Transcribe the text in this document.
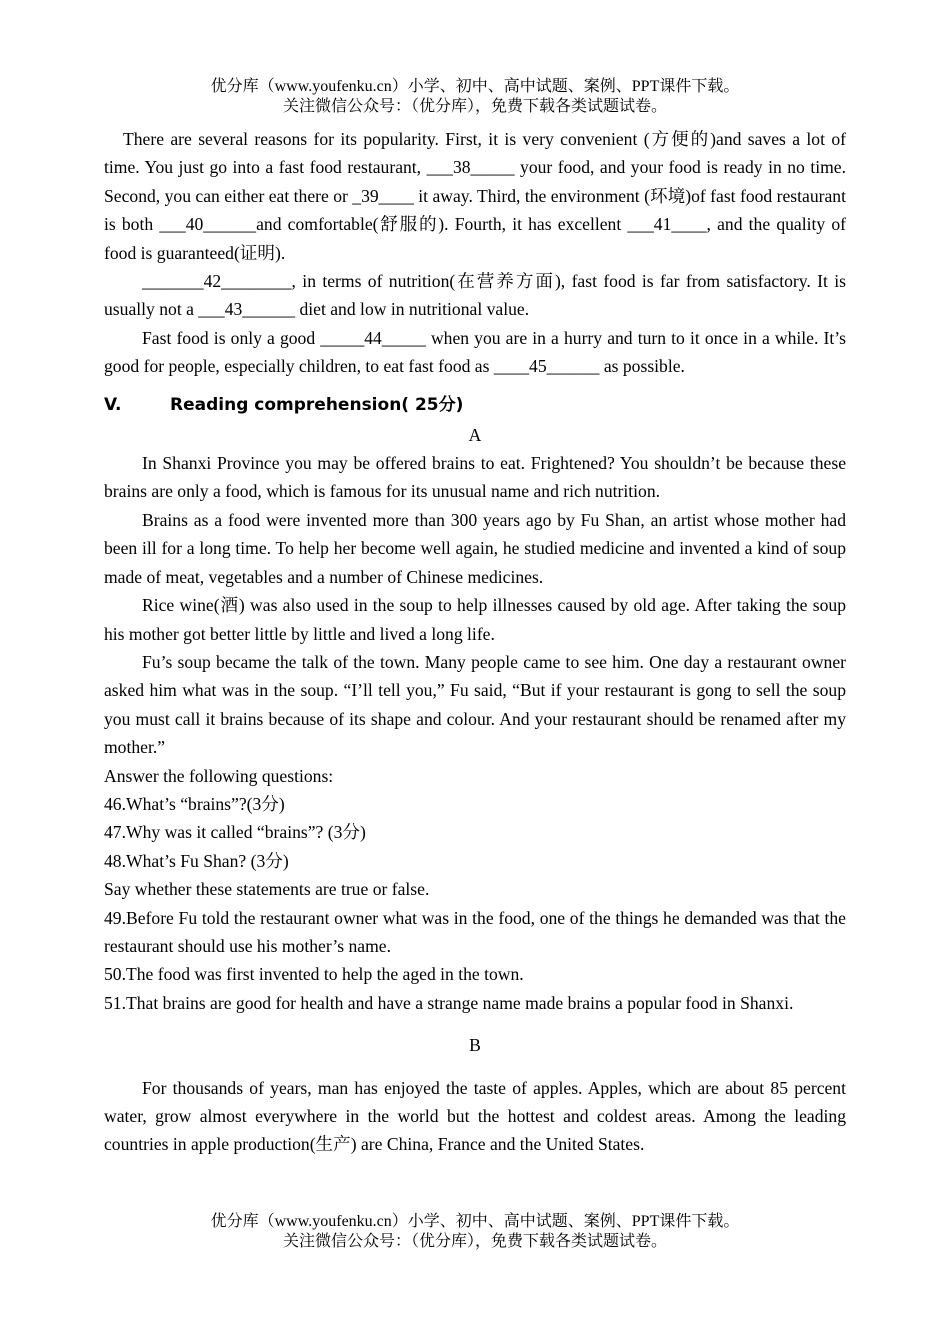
优分库（www.youfenku.cn）小学、初中、高中试题、案例、PPT课件下载。
关注微信公众号：（优分库），免费下载各类试题试卷。

There are several reasons for its popularity. First, it is very convenient (方便的)and saves a lot of time. You just go into a fast food restaurant, ___38_____ your food, and your food is ready in no time. Second, you can either eat there or _39____ it away. Third, the environment (环境)of fast food restaurant is both ___40______and comfortable(舒服的). Fourth, it has excellent ___41____, and the quality of food is guaranteed(证明).

_______42________, in terms of nutrition(在营养方面), fast food is far from satisfactory. It is usually not a ___43______ diet and low in nutritional value.

Fast food is only a good _____44_____ when you are in a hurry and turn to it once in a while. It’s good for people, especially children, to eat fast food as ____45______ as possible.

V.	Reading comprehension( 25分)

A

In Shanxi Province you may be offered brains to eat. Frightened? You shouldn’t be because these brains are only a food, which is famous for its unusual name and rich nutrition.

Brains as a food were invented more than 300 years ago by Fu Shan, an artist whose mother had been ill for a long time. To help her become well again, he studied medicine and invented a kind of soup made of meat, vegetables and a number of Chinese medicines.

Rice wine(酒) was also used in the soup to help illnesses caused by old age. After taking the soup his mother got better little by little and lived a long life.

Fu’s soup became the talk of the town. Many people came to see him. One day a restaurant owner asked him what was in the soup. “I’ll tell you,” Fu said, “But if your restaurant is gong to sell the soup you must call it brains because of its shape and colour. And your restaurant should be renamed after my mother.”

Answer the following questions:

46.What’s “brains”?(3分)

47.Why was it called “brains”? (3分)

48.What’s Fu Shan? (3分)

Say whether these statements are true or false.

49.Before Fu told the restaurant owner what was in the food, one of the things he demanded was that the restaurant should use his mother’s name.

50.The food was first invented to help the aged in the town.

51.That brains are good for health and have a strange name made brains a popular food in Shanxi.

B

For thousands of years, man has enjoyed the taste of apples. Apples, which are about 85 percent water, grow almost everywhere in the world but the hottest and coldest areas. Among the leading countries in apple production(生产) are China, France and the United States.

优分库（www.youfenku.cn）小学、初中、高中试题、案例、PPT课件下载。
关注微信公众号：（优分库），免费下载各类试题试卷。
